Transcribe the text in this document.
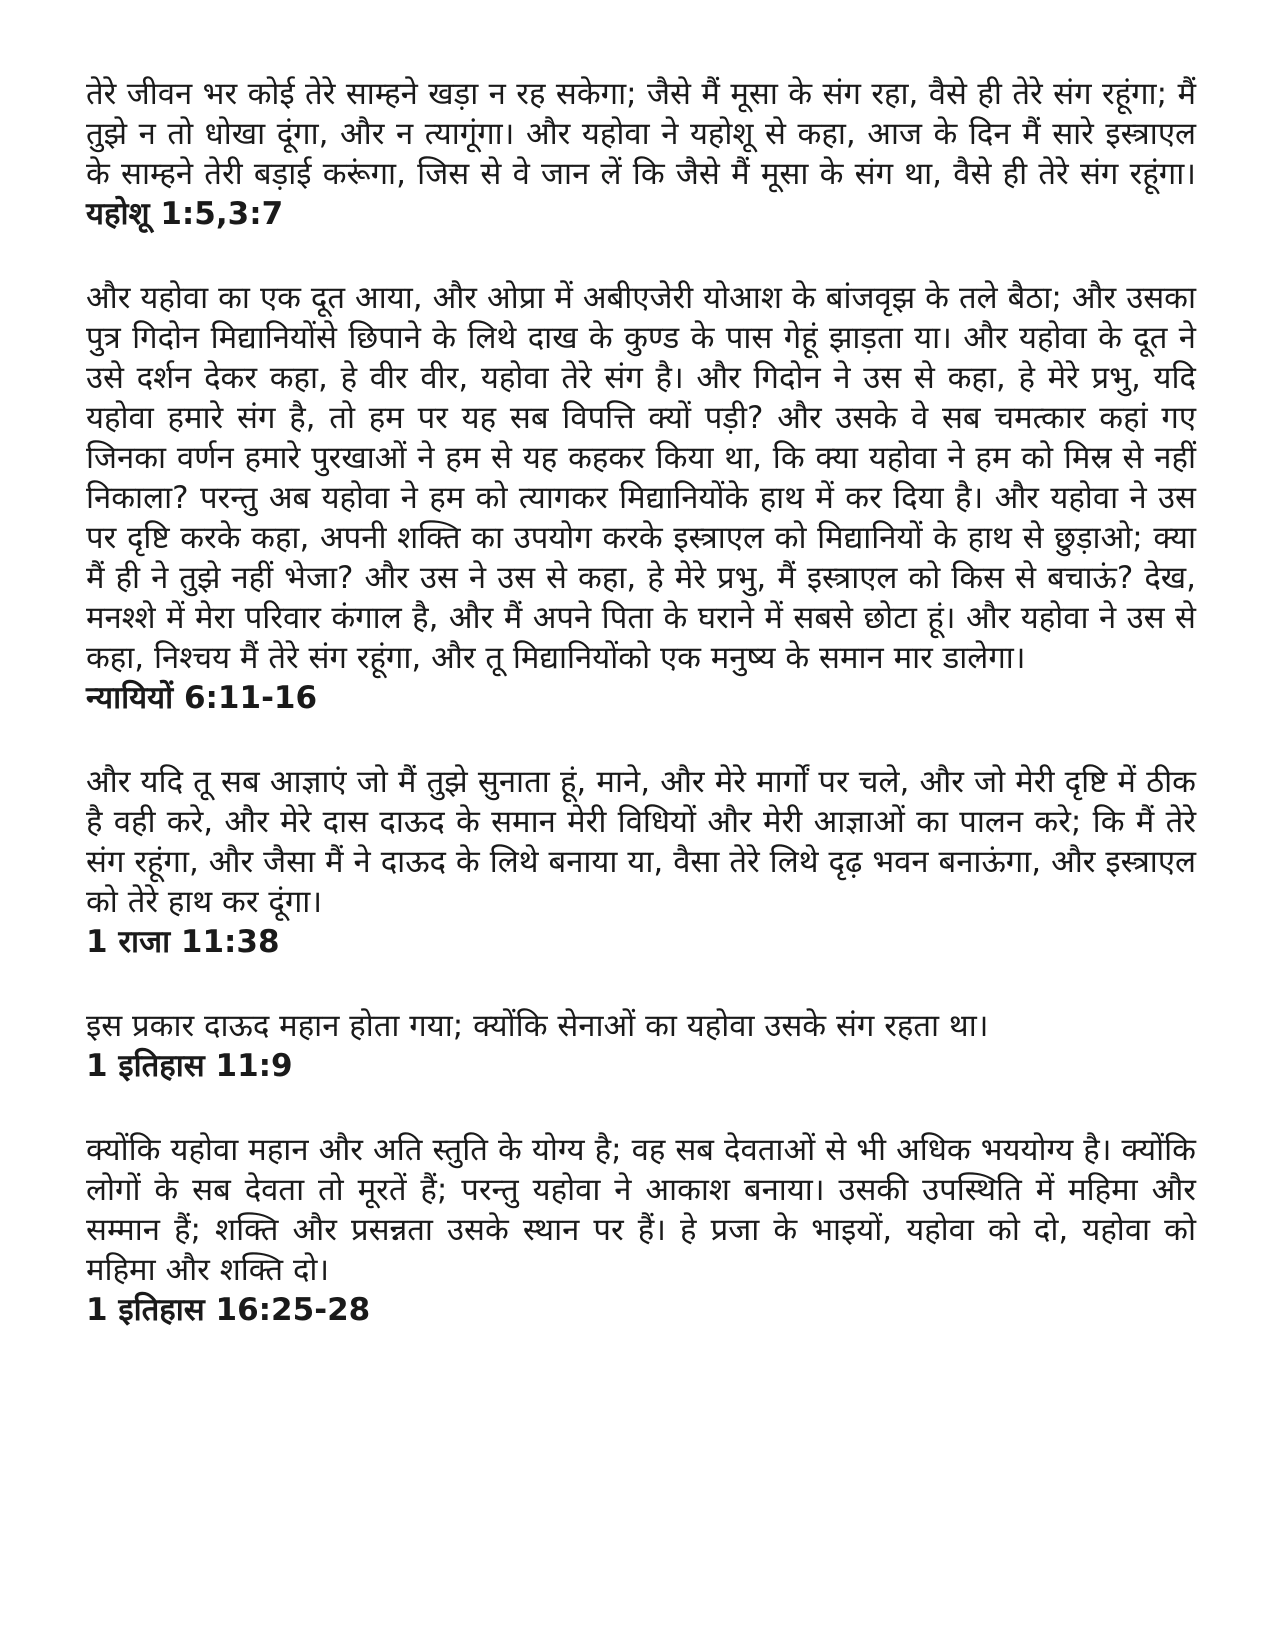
तेरे जीवन भर कोई तेरे साम्हने खड़ा न रह सकेगा; जैसे मैं मूसा के संग रहा, वैसे ही तेरे संग रहूंगा; मैं तुझे न तो धोखा दूंगा, और न त्यागूंगा। और यहोवा ने यहोशू से कहा, आज के दिन मैं सारे इस्त्राएल के साम्हने तेरी बड़ाई करूंगा, जिस से वे जान लें कि जैसे मैं मूसा के संग था, वैसे ही तेरे संग रहूंगा। यहोशू 1:5,3:7

और यहोवा का एक दूत आया, और ओप्रा में अबीएजेरी योआश के बांजवृझ के तले बैठा; और उसका पुत्र गिदोन मिद्यानियोंसे छिपाने के लिथे दाख के कुण्ड के पास गेहूं झाड़ता या। और यहोवा के दूत ने उसे दर्शन देकर कहा, हे वीर वीर, यहोवा तेरे संग है। और गिदोन ने उस से कहा, हे मेरे प्रभु, यदि यहोवा हमारे संग है, तो हम पर यह सब विपत्ति क्यों पड़ी? और उसके वे सब चमत्कार कहां गए जिनका वर्णन हमारे पुरखाओं ने हम से यह कहकर किया था, कि क्या यहोवा ने हम को मिस्र से नहीं निकाला? परन्तु अब यहोवा ने हम को त्यागकर मिद्यानियोंके हाथ में कर दिया है। और यहोवा ने उस पर दृष्टि करके कहा, अपनी शक्ति का उपयोग करके इस्त्राएल को मिद्यानियों के हाथ से छुड़ाओ; क्या मैं ही ने तुझे नहीं भेजा? और उस ने उस से कहा, हे मेरे प्रभु, मैं इस्त्राएल को किस से बचाऊं? देख, मनश्शे में मेरा परिवार कंगाल है, और मैं अपने पिता के घराने में सबसे छोटा हूं। और यहोवा ने उस से कहा, निश्चय मैं तेरे संग रहूंगा, और तू मिद्यानियोंको एक मनुष्य के समान मार डालेगा।

न्यायियों 6:11-16

और यदि तू सब आज्ञाएं जो मैं तुझे सुनाता हूं, माने, और मेरे मार्गों पर चले, और जो मेरी दृष्टि में ठीक है वही करे, और मेरे दास दाऊद के समान मेरी विधियों और मेरी आज्ञाओं का पालन करे; कि मैं तेरे संग रहूंगा, और जैसा मैं ने दाऊद के लिथे बनाया या, वैसा तेरे लिथे दृढ़ भवन बनाऊंगा, और इस्त्राएल को तेरे हाथ कर दूंगा।

1 राजा 11:38

इस प्रकार दाऊद महान होता गया; क्योंकि सेनाओं का यहोवा उसके संग रहता था।

1 इतिहास 11:9

क्योंकि यहोवा महान और अति स्तुति के योग्य है; वह सब देवताओं से भी अधिक भययोग्य है। क्योंकि लोगों के सब देवता तो मूरतें हैं; परन्तु यहोवा ने आकाश बनाया। उसकी उपस्थिति में महिमा और सम्मान हैं; शक्ति और प्रसन्नता उसके स्थान पर हैं। हे प्रजा के भाइयों, यहोवा को दो, यहोवा को महिमा और शक्ति दो।

1 इतिहास 16:25-28
